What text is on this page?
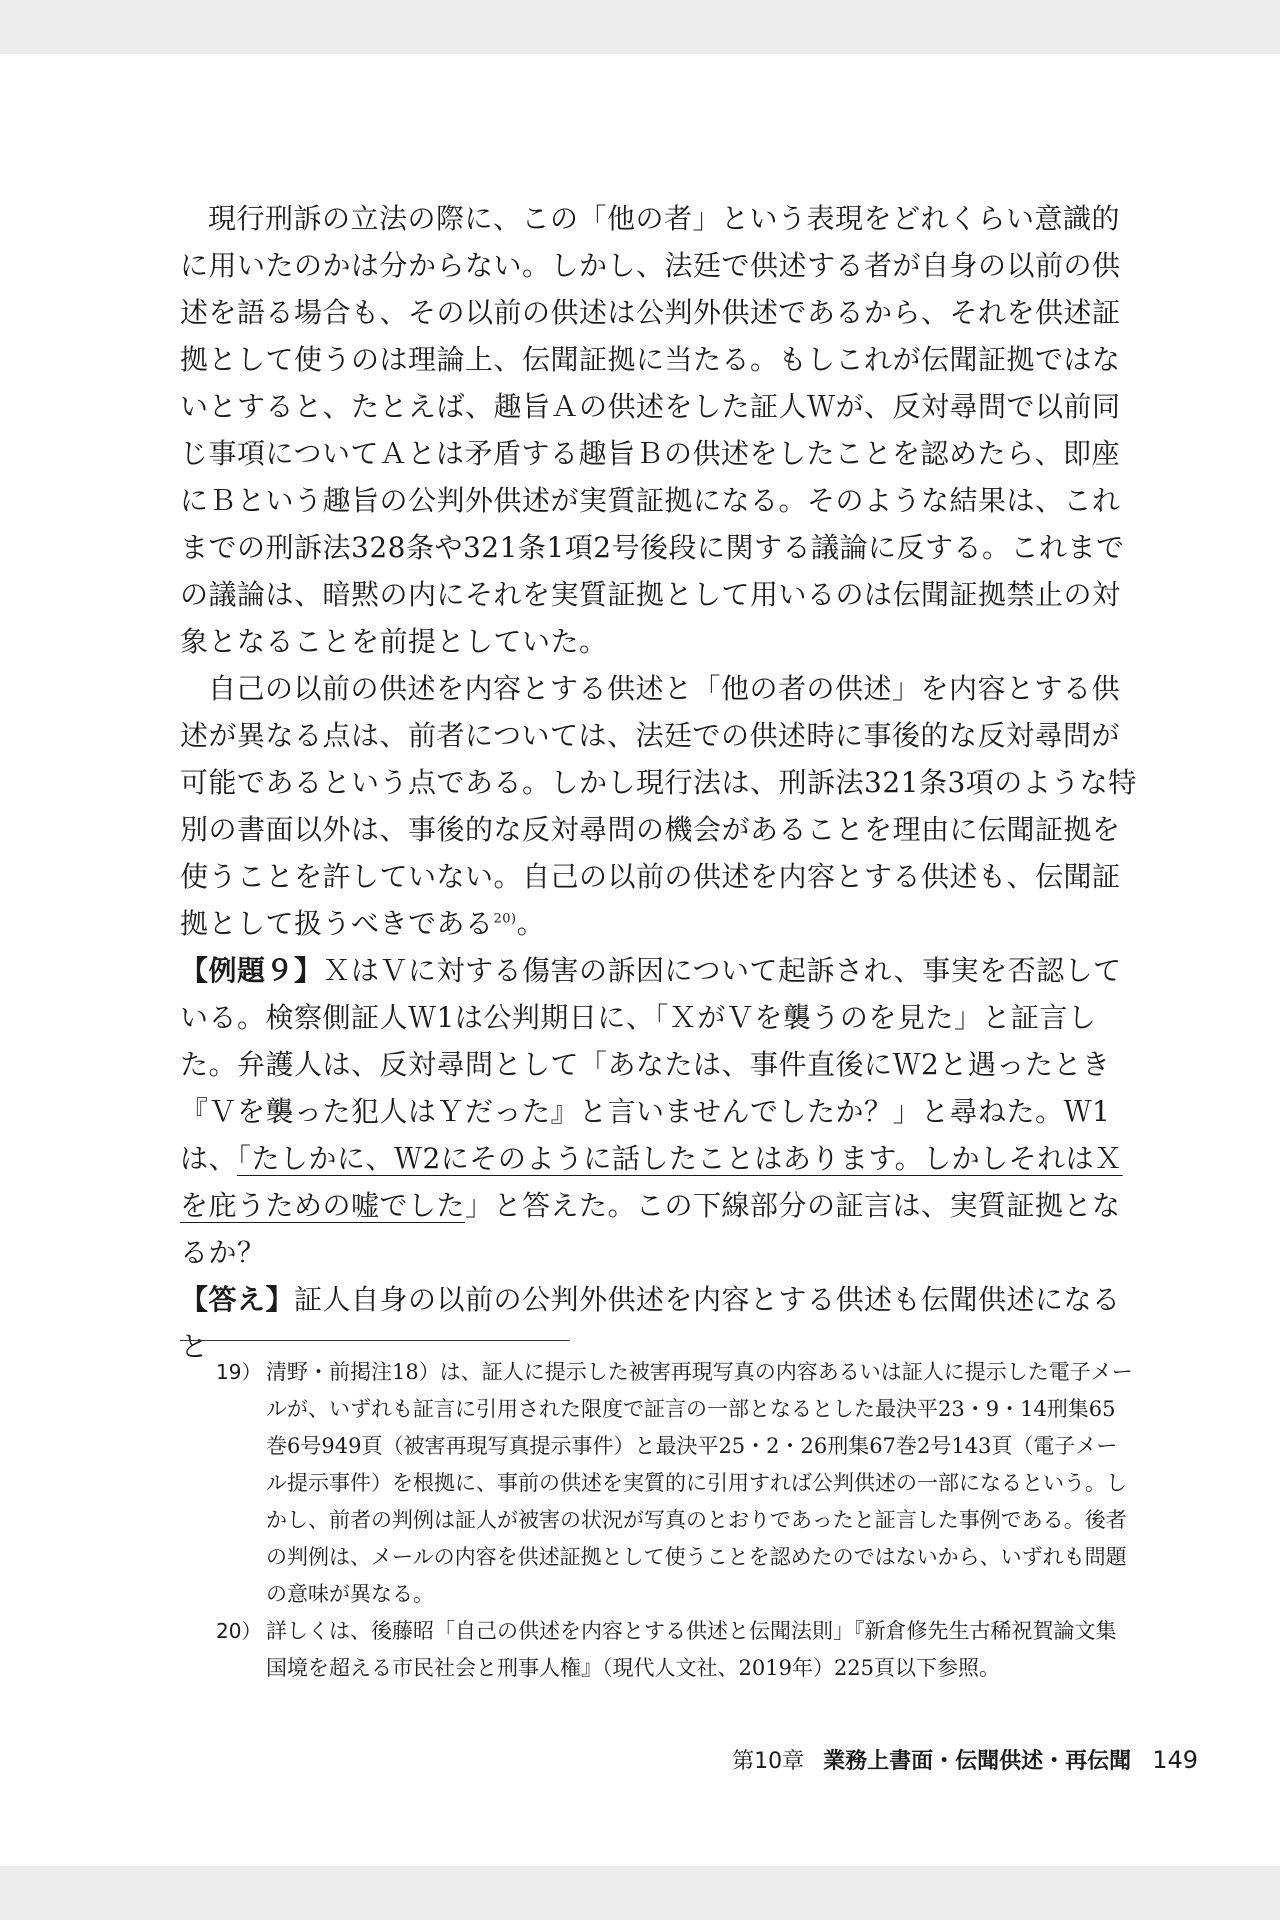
現行刑訴の立法の際に、この「他の者」という表現をどれくらい意識的に用いたのかは分からない。しかし、法廷で供述する者が自身の以前の供述を語る場合も、その以前の供述は公判外供述であるから、それを供述証拠として使うのは理論上、伝聞証拠に当たる。もしこれが伝聞証拠ではないとすると、たとえば、趣旨Ａの供述をした証人Ｗが、反対尋問で以前同じ事項についてＡとは矛盾する趣旨Ｂの供述をしたことを認めたら、即座にＢという趣旨の公判外供述が実質証拠になる。そのような結果は、これまでの刑訴法328条や321条1項2号後段に関する議論に反する。これまでの議論は、暗黙の内にそれを実質証拠として用いるのは伝聞証拠禁止の対象となることを前提としていた。

自己の以前の供述を内容とする供述と「他の者の供述」を内容とする供述が異なる点は、前者については、法廷での供述時に事後的な反対尋問が可能であるという点である。しかし現行法は、刑訴法321条3項のような特別の書面以外は、事後的な反対尋問の機会があることを理由に伝聞証拠を使うことを許していない。自己の以前の供述を内容とする供述も、伝聞証拠として扱うべきである$^{20)}$。

【例題９】ＸはＶに対する傷害の訴因について起訴され、事実を否認している。検察側証人Ｗ1は公判期日に、「ＸがＶを襲うのを見た」と証言した。弁護人は、反対尋問として「あなたは、事件直後にＷ2と遇ったとき『Ｖを襲った犯人はＹだった』と言いませんでしたか？」と尋ねた。Ｗ1は、「たしかに、Ｗ2にそのように話したことはあります。しかしそれはＸを庇うための嘘でした」と答えた。この下線部分の証言は、実質証拠となるか？

【答え】証人自身の以前の公判外供述を内容とする供述も伝聞供述になると

19） 清野・前掲注18）は、証人に提示した被害再現写真の内容あるいは証人に提示した電子メールが、いずれも証言に引用された限度で証言の一部となるとした最決平23・9・14刑集65巻6号949頁（被害再現写真提示事件）と最決平25・2・26刑集67巻2号143頁（電子メール提示事件）を根拠に、事前の供述を実質的に引用すれば公判供述の一部になるという。しかし、前者の判例は証人が被害の状況が写真のとおりであったと証言した事例である。後者の判例は、メールの内容を供述証拠として使うことを認めたのではないから、いずれも問題の意味が異なる。

20） 詳しくは、後藤昭「自己の供述を内容とする供述と伝聞法則」『新倉修先生古稀祝賀論文集　国境を超える市民社会と刑事人権』（現代人文社、2019年）225頁以下参照。

第10章 業務上書面・伝聞供述・再伝聞 149
